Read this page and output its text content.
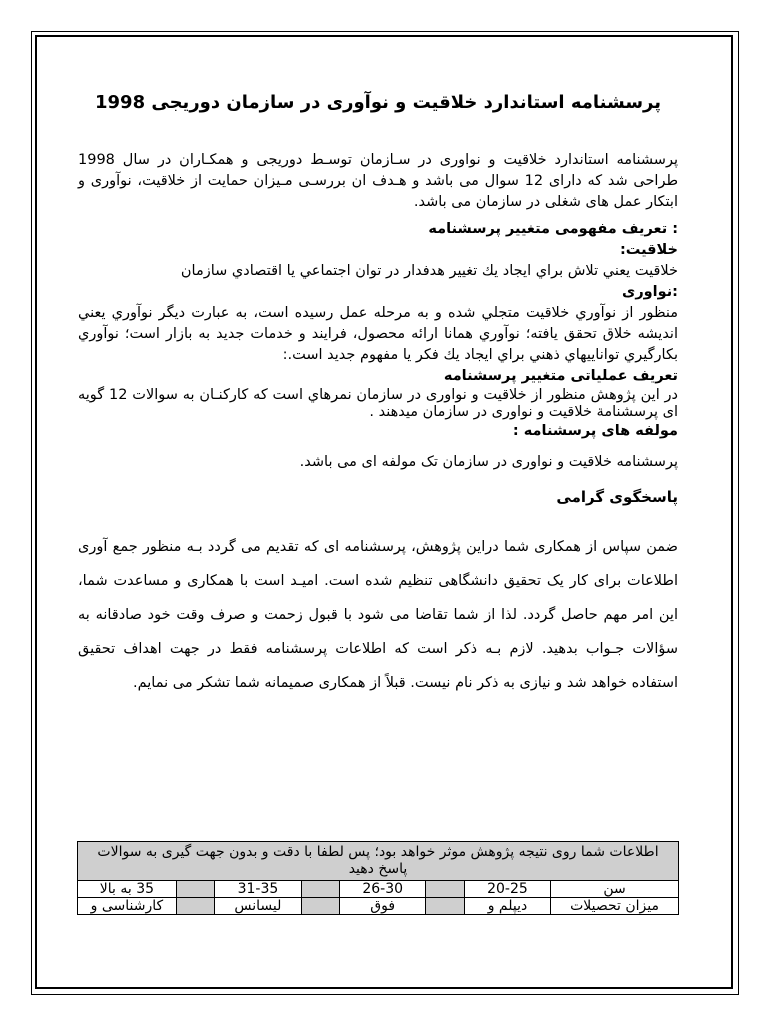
پرسشنامه استاندارد خلاقیت و نوآوری در سازمان دوریجی 1998

پرسشنامه استاندارد خلاقیت و نواوری در سـازمان توسـط دوریجی و همکـاران در سال 1998 طراحی شد که دارای 12 سوال می باشد و هـدف ان بررسـی مـیزان حمایت از خلاقیت، نوآوری و ابتکار عمل های شغلی در سازمان می باشد.

: تعریف مفهومی متغییر پرسشنامه

خلاقیت:

خلاقيت يعني تلاش براي ايجاد يك تغيير هدفدار در توان اجتماعي يا اقتصادي سازمان

:نواوری

منظور از نوآوري خلاقيت متجلي شده و به مرحله عمل رسيده است، به عبارت ديگر نوآوري يعني انديشه خلاق تحقق يافته؛ نوآوري همانا ارائه محصول، فرايند و خدمات جديد به بازار است؛ نوآوري بكارگيري تواناييهاي ذهني براي ايجاد يك فكر يا مفهوم جديد است.:

تعریف عملیاتی متغییر پرسشنامه

در این پژوهش منظور از خلاقیت و نواوری در سازمان نمرهاي است که کارکنـان به سوالات 12 گویه ای پرسشنامة خلاقیت و نواوری در سازمان میدهند .

مولفه های پرسشنامه :

پرسشنامه خلاقیت و نواوری در سازمان تک مولفه ای می باشد.

پاسخگوی گرامی

ضمن سپاس از همکاری شما دراين پژوهش، پرسشنامه ای که تقديم می گردد بـه منظور جمع آوری اطلاعات برای کار يک تحقيق دانشگاهی تنظيم شده است. اميـد است با همکاری و مساعدت شما، اين امر مهم حاصل گردد. لذا از شما تقاضا می شود با قبول زحمت و صرف وقت خود صادقانه به سؤالات جـواب بدهيد. لازم بـه ذکر است که اطلاعات پرسشنامه فقط در جهت اهداف تحقيق استفاده خواهد شد و نيازی به ذکر نام نيست. قبلاً از همکاری صميمانه شما تشکر می نمايم.

اطلاعات شما روی نتیجه پژوهش موثر خواهد بود؛ پس لطفا با دقت و بدون جهت گیری به سوالات پاسخ دهید							
سن	20-25		26-30		31-35		35 به بالا
میزان تحصیلات	دیپلم و		فوق		لیسانس		کارشناسی و
